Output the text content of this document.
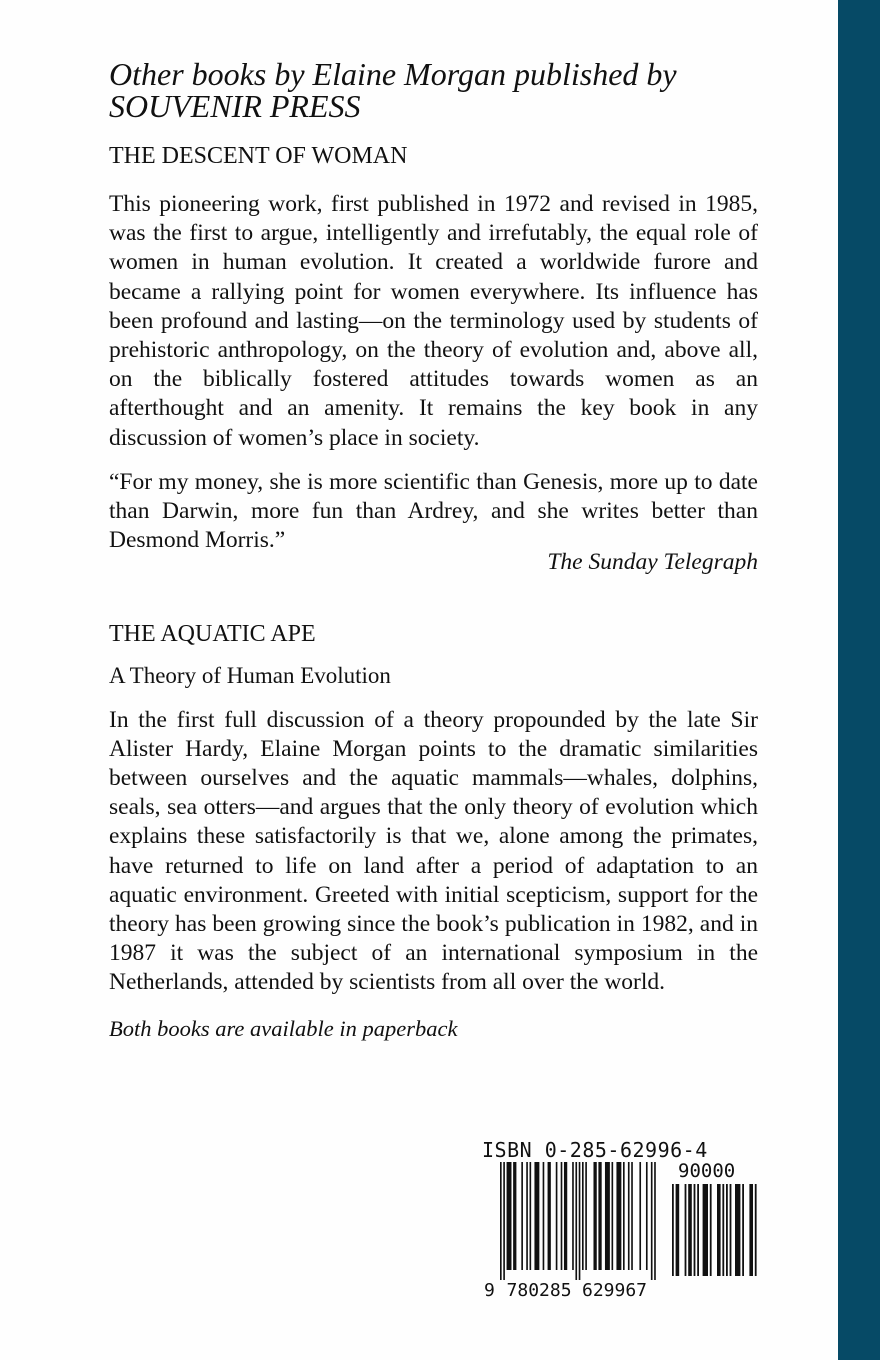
Other books by Elaine Morgan published by
SOUVENIR PRESS

THE DESCENT OF WOMAN

This pioneering work, first published in 1972 and revised in 1985, was the first to argue, intelligently and irrefutably, the equal role of women in human evolution. It created a worldwide furore and became a rallying point for women everywhere. Its influence has been profound and lasting—on the terminology used by students of prehistoric anthropology, on the theory of evolution and, above all, on the biblically fostered attitudes towards women as an afterthought and an amenity. It remains the key book in any discussion of women’s place in society.

“For my money, she is more scientific than Genesis, more up to date than Darwin, more fun than Ardrey, and she writes better than Desmond Morris.”

The Sunday Telegraph

THE AQUATIC APE

A Theory of Human Evolution

In the first full discussion of a theory propounded by the late Sir Alister Hardy, Elaine Morgan points to the dramatic similarities between ourselves and the aquatic mammals—whales, dolphins, seals, sea otters—and argues that the only theory of evolution which explains these satisfactorily is that we, alone among the primates, have returned to life on land after a period of adaptation to an aquatic environment. Greeted with initial scepticism, support for the theory has been growing since the book’s publication in 1982, and in 1987 it was the subject of an international symposium in the Netherlands, attended by scientists from all over the world.

Both books are available in paperback

ISBN 0-285-62996-4
90000
9 780285 629967
